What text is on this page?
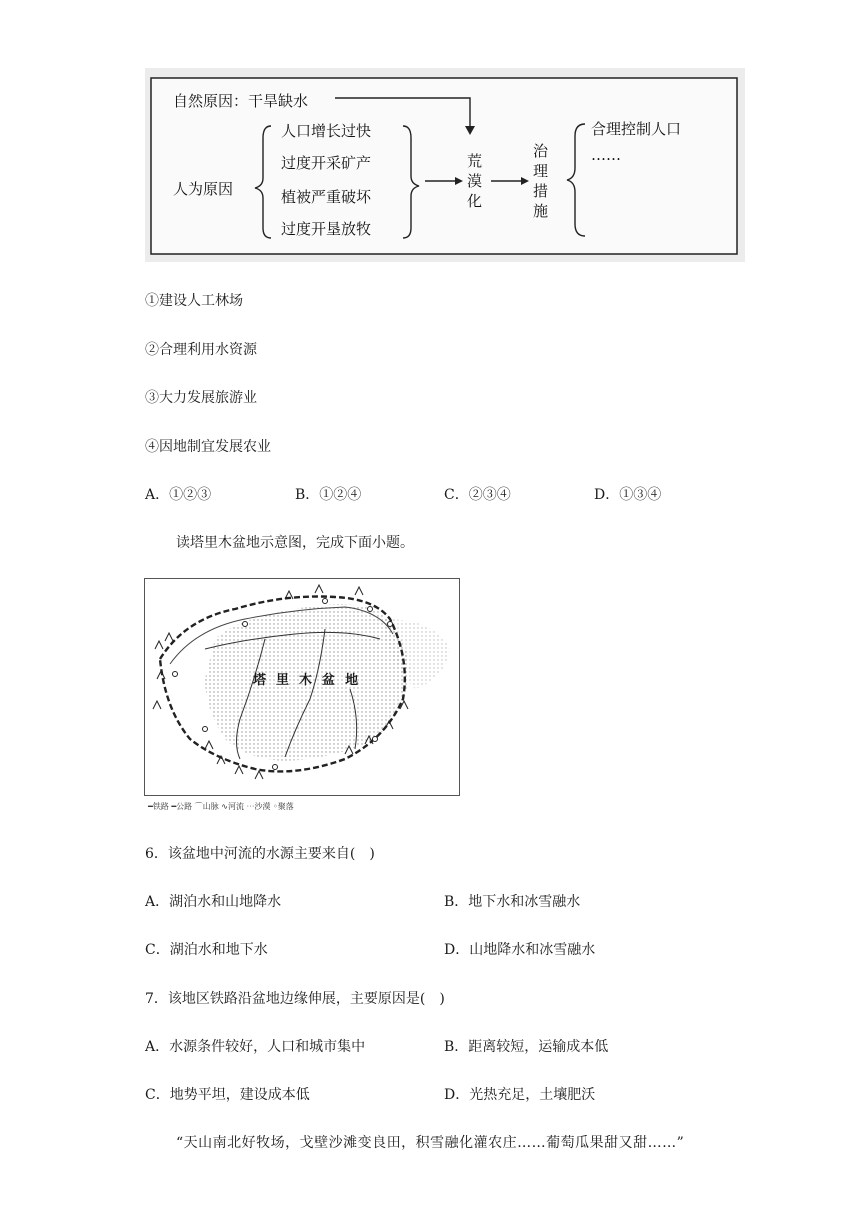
自然原因：干旱缺水
人为原因
人口增长过快
过度开采矿产
植被严重破坏
过度开垦放牧
荒
漠
化
治
理
措
施
合理控制人口
……
①建设人工林场
②合理利用水资源
③大力发展旅游业
④因地制宜发展农业
A．①②③	B．①②④	C．②③④	D．①③④
读塔里木盆地示意图，完成下面小题。
塔里木盆地
━铁路 ━公路 ⌒山脉 ∿河流 ⋯沙漠 ◦聚落
6．该盆地中河流的水源主要来自(　)
A．湖泊水和山地降水	B．地下水和冰雪融水
C．湖泊水和地下水	D．山地降水和冰雪融水
7．该地区铁路沿盆地边缘伸展，主要原因是(　)
A．水源条件较好，人口和城市集中	B．距离较短，运输成本低
C．地势平坦，建设成本低	D．光热充足，土壤肥沃
“天山南北好牧场，戈壁沙滩变良田，积雪融化灌农庄……葡萄瓜果甜又甜……”
